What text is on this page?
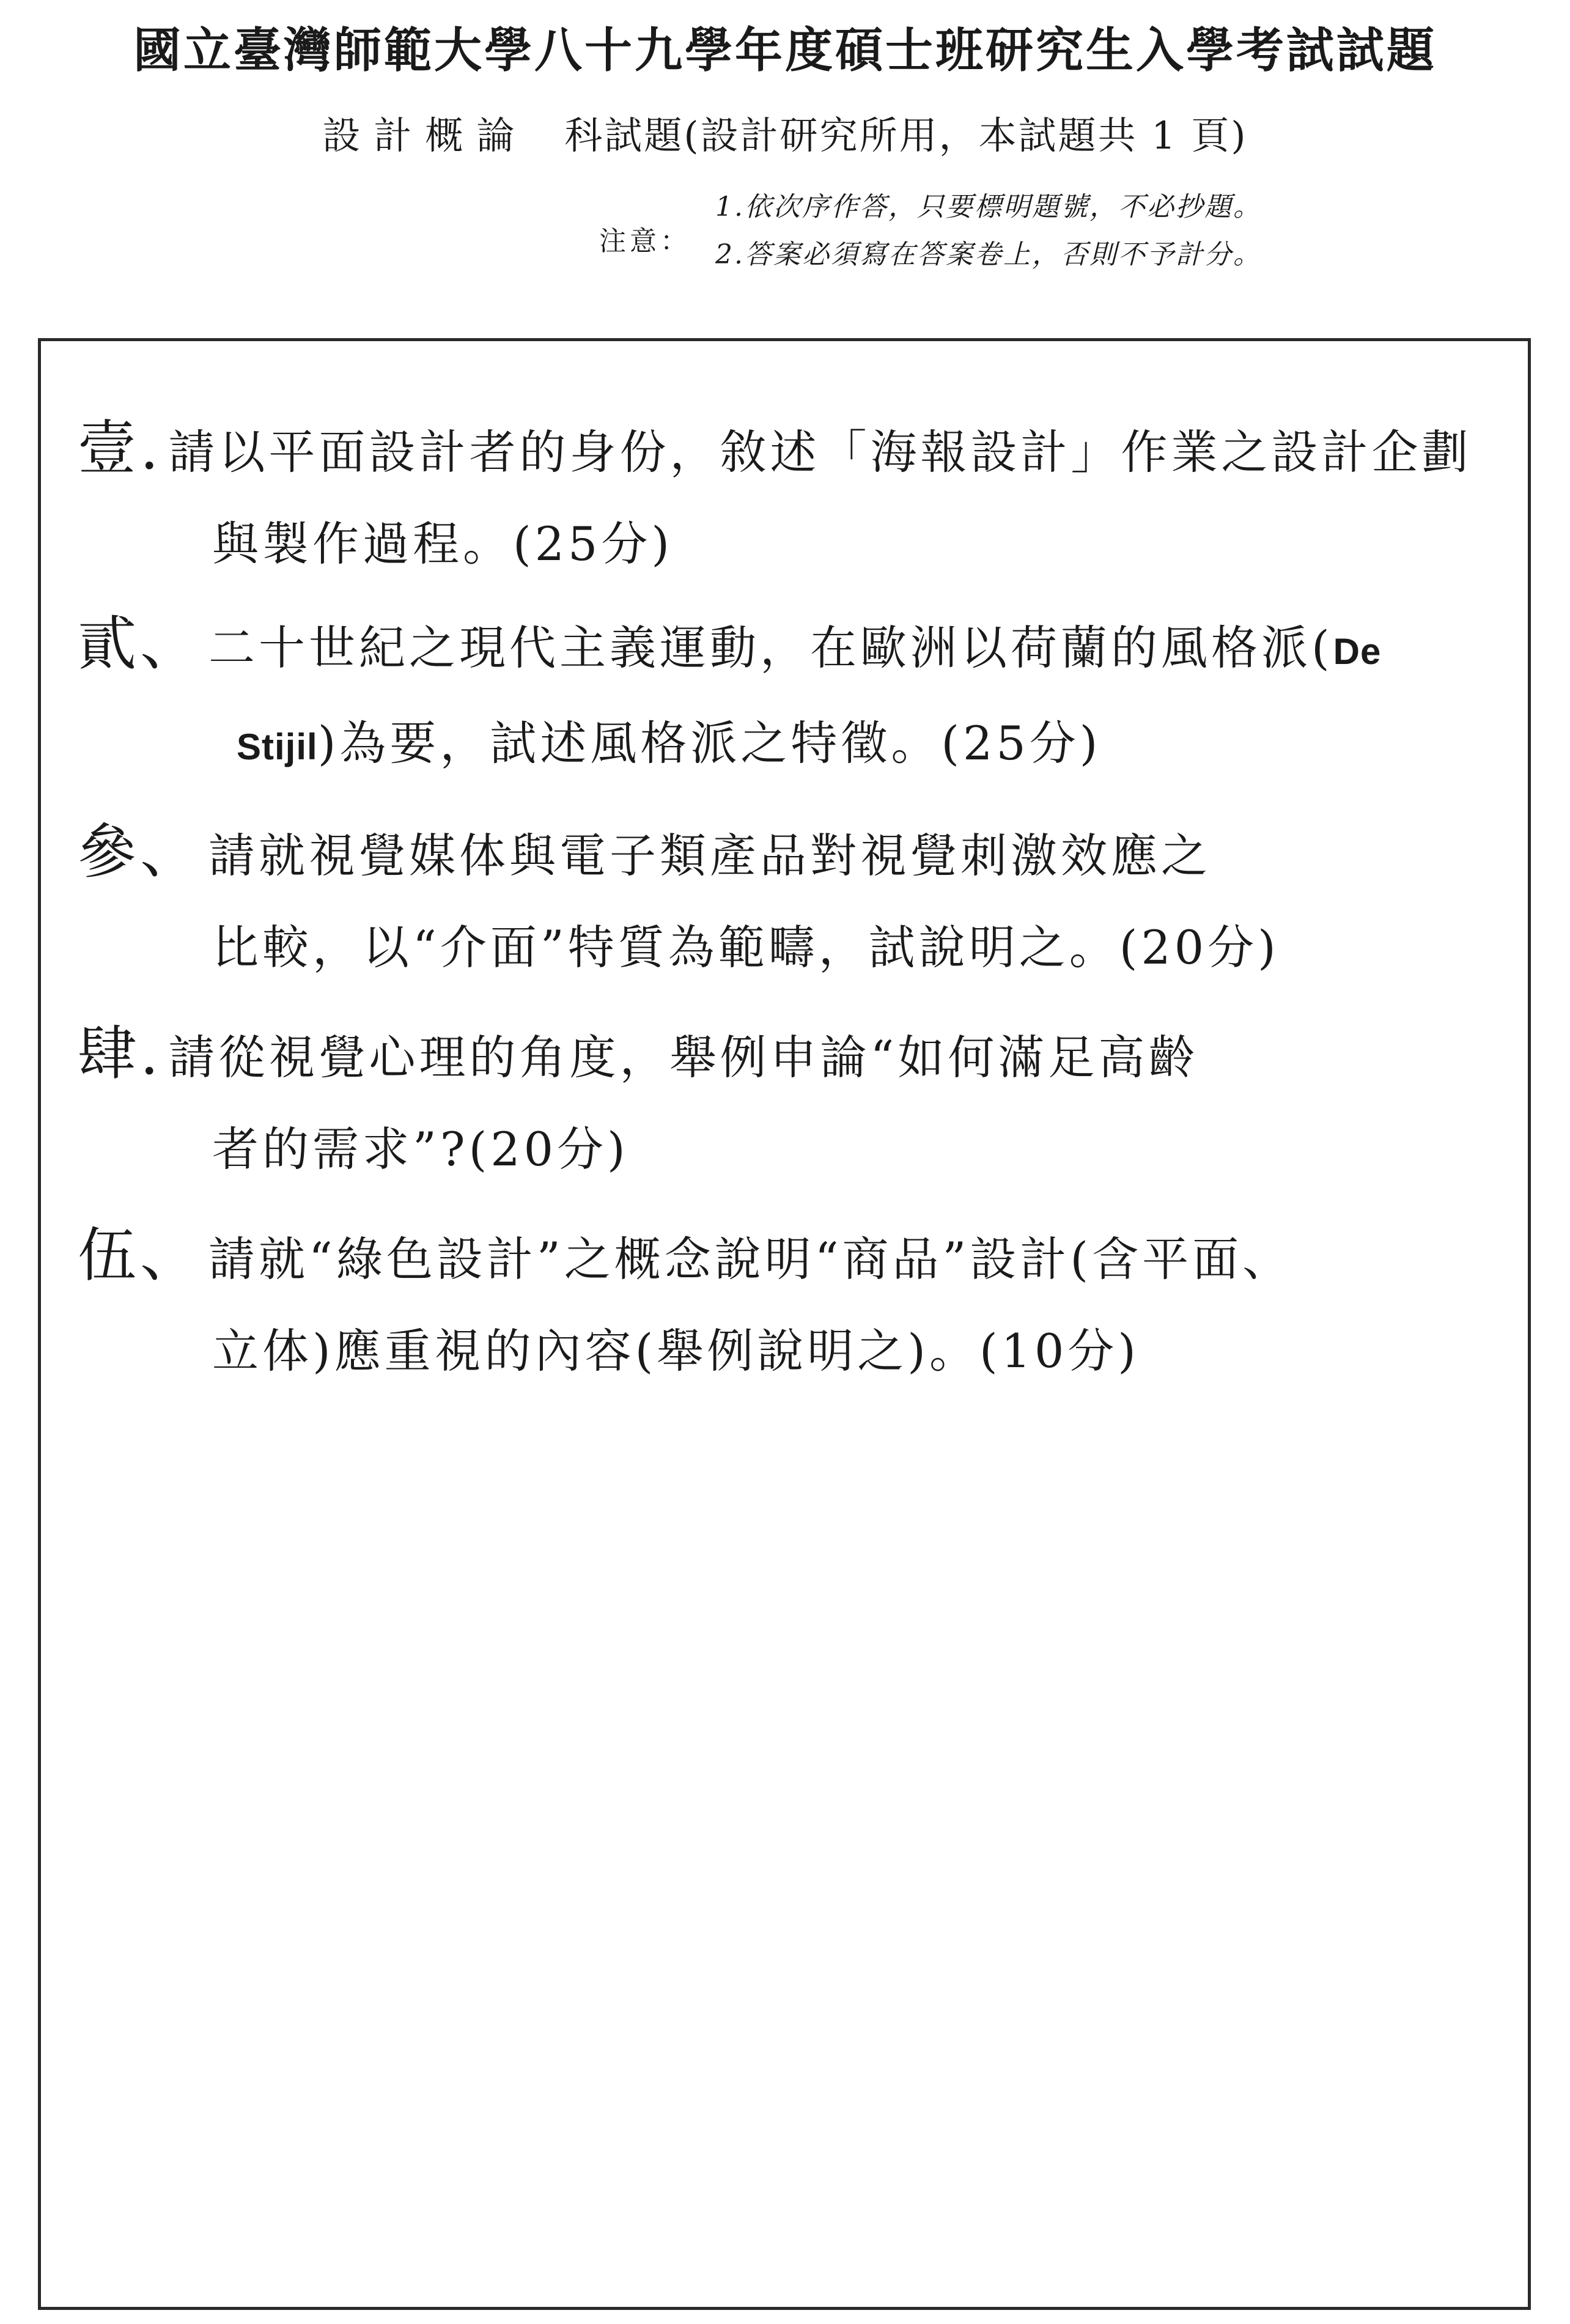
國立臺灣師範大學八十九學年度碩士班研究生入學考試試題
設計概論 科試題(設計研究所用，本試題共 1 頁)
注意：
1.依次序作答，只要標明題號，不必抄題。
2.答案必須寫在答案卷上，否則不予計分。
壹. 請以平面設計者的身份，敘述「海報設計」作業之設計企劃
與製作過程。(25分)
貳、 二十世紀之現代主義運動，在歐洲以荷蘭的風格派(De
Stijil)為要，試述風格派之特徵。(25分)
參、 請就視覺媒体與電子類產品對視覺刺激效應之
比較，以“介面”特質為範疇，試說明之。(20分)
肆. 請從視覺心理的角度，舉例申論“如何滿足高齡
者的需求”?(20分)
伍、 請就“綠色設計”之概念說明“商品”設計(含平面、
立体)應重視的內容(舉例說明之)。(10分)
